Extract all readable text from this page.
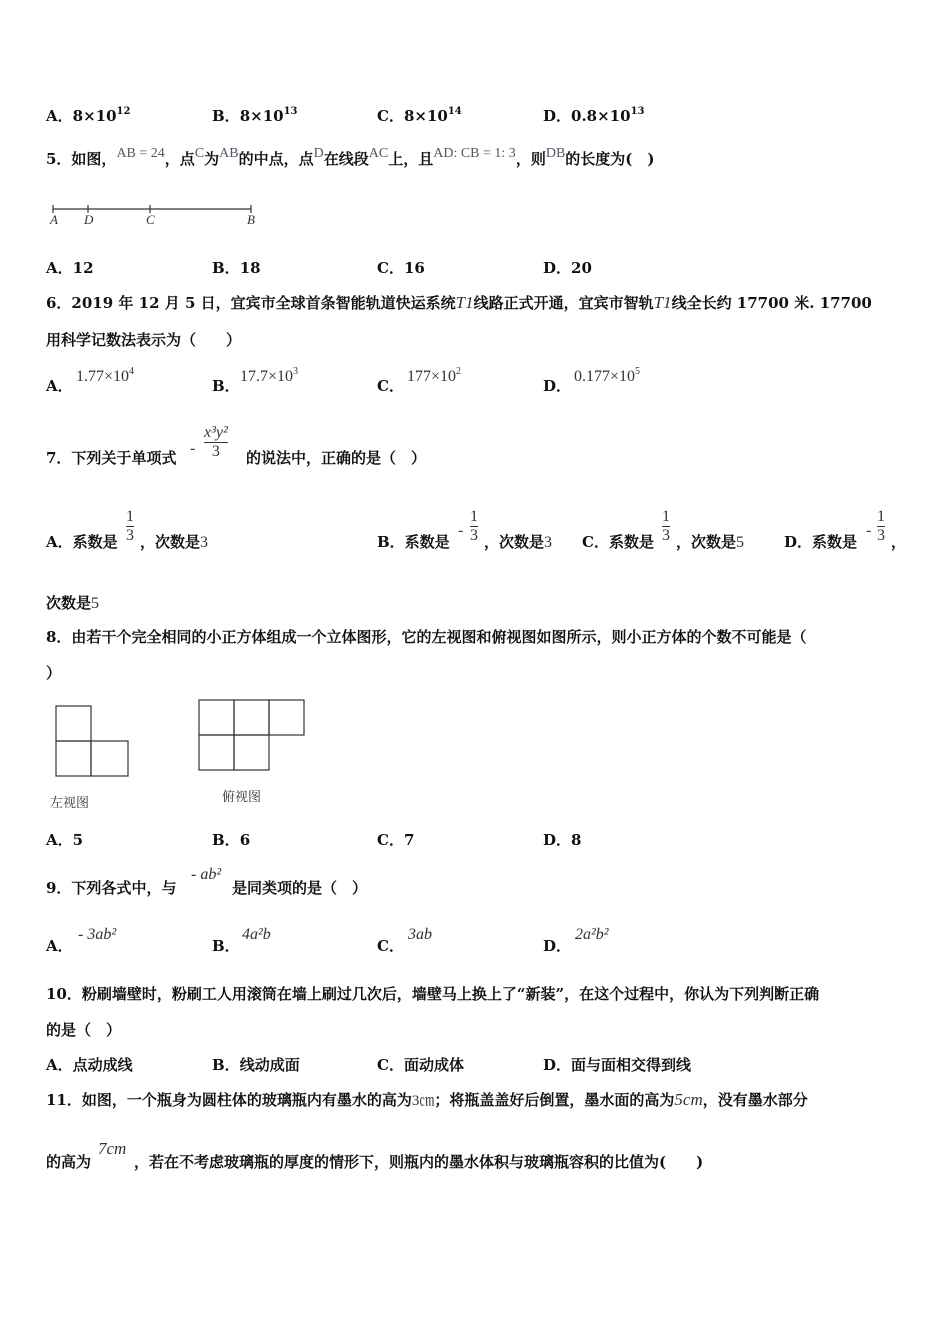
A．$8\times 10^{12}$	B．$8\times 10^{13}$	C．$8\times 10^{14}$	D．$0.8\times 10^{13}$
5．如图，AB = 24，点C为AB的中点，点D在线段AC上，且AD: CB = 1: 3，则DB的长度为(　)
A D	C	B
A．12	B．18	C．16	D．20
6．2019 年 12 月 5 日，宜宾市全球首条智能轨道快运系统T1线路正式开通，宜宾市智轨T1线全长约 17700 米. 17700
用科学记数法表示为（　　）
A．
$1.77\times 10^4$
B．
$17.7\times 10^3$
C．
$177\times 10^2$
D．
$0.177\times 10^5$
7．下列关于单项式
-
x³y²
3 的说法中，正确的是（　）
A．系数是
1
3 ，次数是3	B．系数是
-
1
3 ，次数是3 C．系数是
1
3 ，次数是5	D．系数是
-
1
3 ，
次数是5
8．由若干个完全相同的小正方体组成一个立体图形，它的左视图和俯视图如图所示，则小正方体的个数不可能是（
）
左视图	俯视图
A．5	B．6	C．7	D．8
9．下列各式中，与
- ab²
是同类项的是（　）
A．
- 3ab²
B．
4a²b
C．
3ab
D．
2a²b²
10．粉刷墙壁时，粉刷工人用滚筒在墙上刷过几次后，墙壁马上换上了“新装”，在这个过程中，你认为下列判断正确
的是（　）
A．点动成线	B．线动成面	C．面动成体	D．面与面相交得到线
11．如图，一个瓶身为圆柱体的玻璃瓶内有墨水的高为3㎝；将瓶盖盖好后倒置，墨水面的高为5cm，没有墨水部分
的高为
7cm
，若在不考虑玻璃瓶的厚度的情形下，则瓶内的墨水体积与玻璃瓶容积的比值为(　　)
